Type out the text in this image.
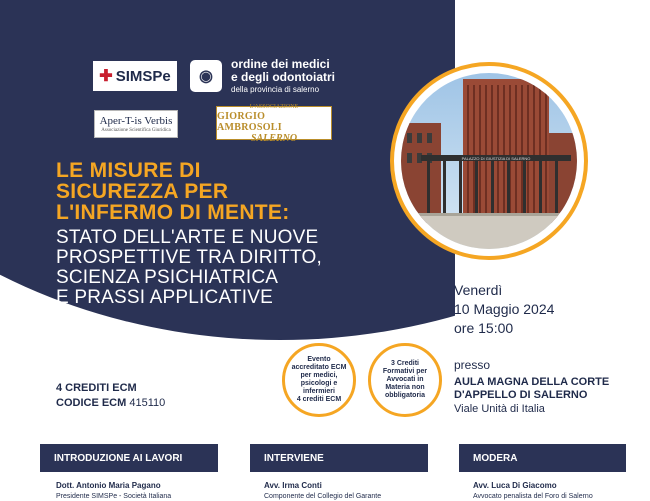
✚ SIMSPe	◉
ordine dei medici
e degli odontoiatri
della provincia di salerno
Aper-T-is Verbis
Associazione Scientifica Giuridica
L'ASSOCIAZIONE
GIORGIO AMBROSOLI
SALERNO
LE MISURE DI
SICUREZZA PER
L'INFERMO DI MENTE:
STATO DELL'ARTE E NUOVE
PROSPETTIVE TRA DIRITTO,
SCIENZA PSICHIATRICA
E PRASSI APPLICATIVE
PALAZZO DI GIUSTIZIA DI SALERNO
Venerdì
10 Maggio 2024
ore 15:00
presso
AULA MAGNA DELLA CORTE
D'APPELLO DI SALERNO
Viale Unità di Italia
4 CREDITI ECM
CODICE ECM 415110
Evento
accreditato ECM
per medici,
psicologi e
infermieri
4 crediti ECM
3 Crediti
Formativi per
Avvocati in
Materia non
obbligatoria
INTRODUZIONE AI LAVORI	INTERVIENE	MODERA
Dott. Antonio Maria Pagano
Presidente SIMSPe - Società Italiana
Avv. Irma Conti
Componente del Collegio del Garante
Avv. Luca Di Giacomo
Avvocato penalista del Foro di Salerno
